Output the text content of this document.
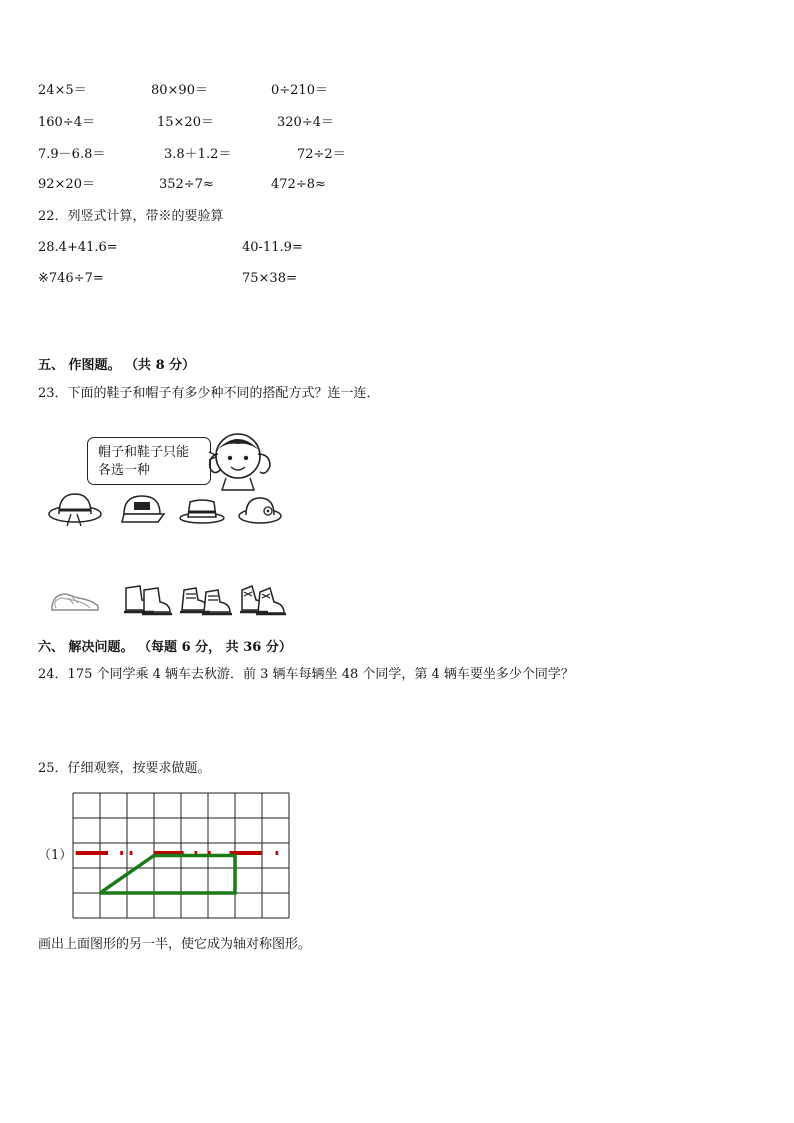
24×5＝	80×90＝	0÷210＝
160÷4＝	15×20＝	320÷4＝
7.9－6.8＝	3.8＋1.2＝	72÷2＝
92×20＝	352÷7≈	472÷8≈
22．列竖式计算，带※的要验算
28.4+41.6=	40-11.9=
※746÷7=	75×38=
五、 作图题。 （共 8 分）
23．下面的鞋子和帽子有多少种不同的搭配方式？连一连．
帽子和鞋子只能
各选一种
六、 解决问题。 （每题 6 分， 共 36 分）
24．175 个同学乘 4 辆车去秋游．前 3 辆车每辆坐 48 个同学，第 4 辆车要坐多少个同学？
25．仔细观察，按要求做题。
（1）
画出上面图形的另一半，使它成为轴对称图形。
